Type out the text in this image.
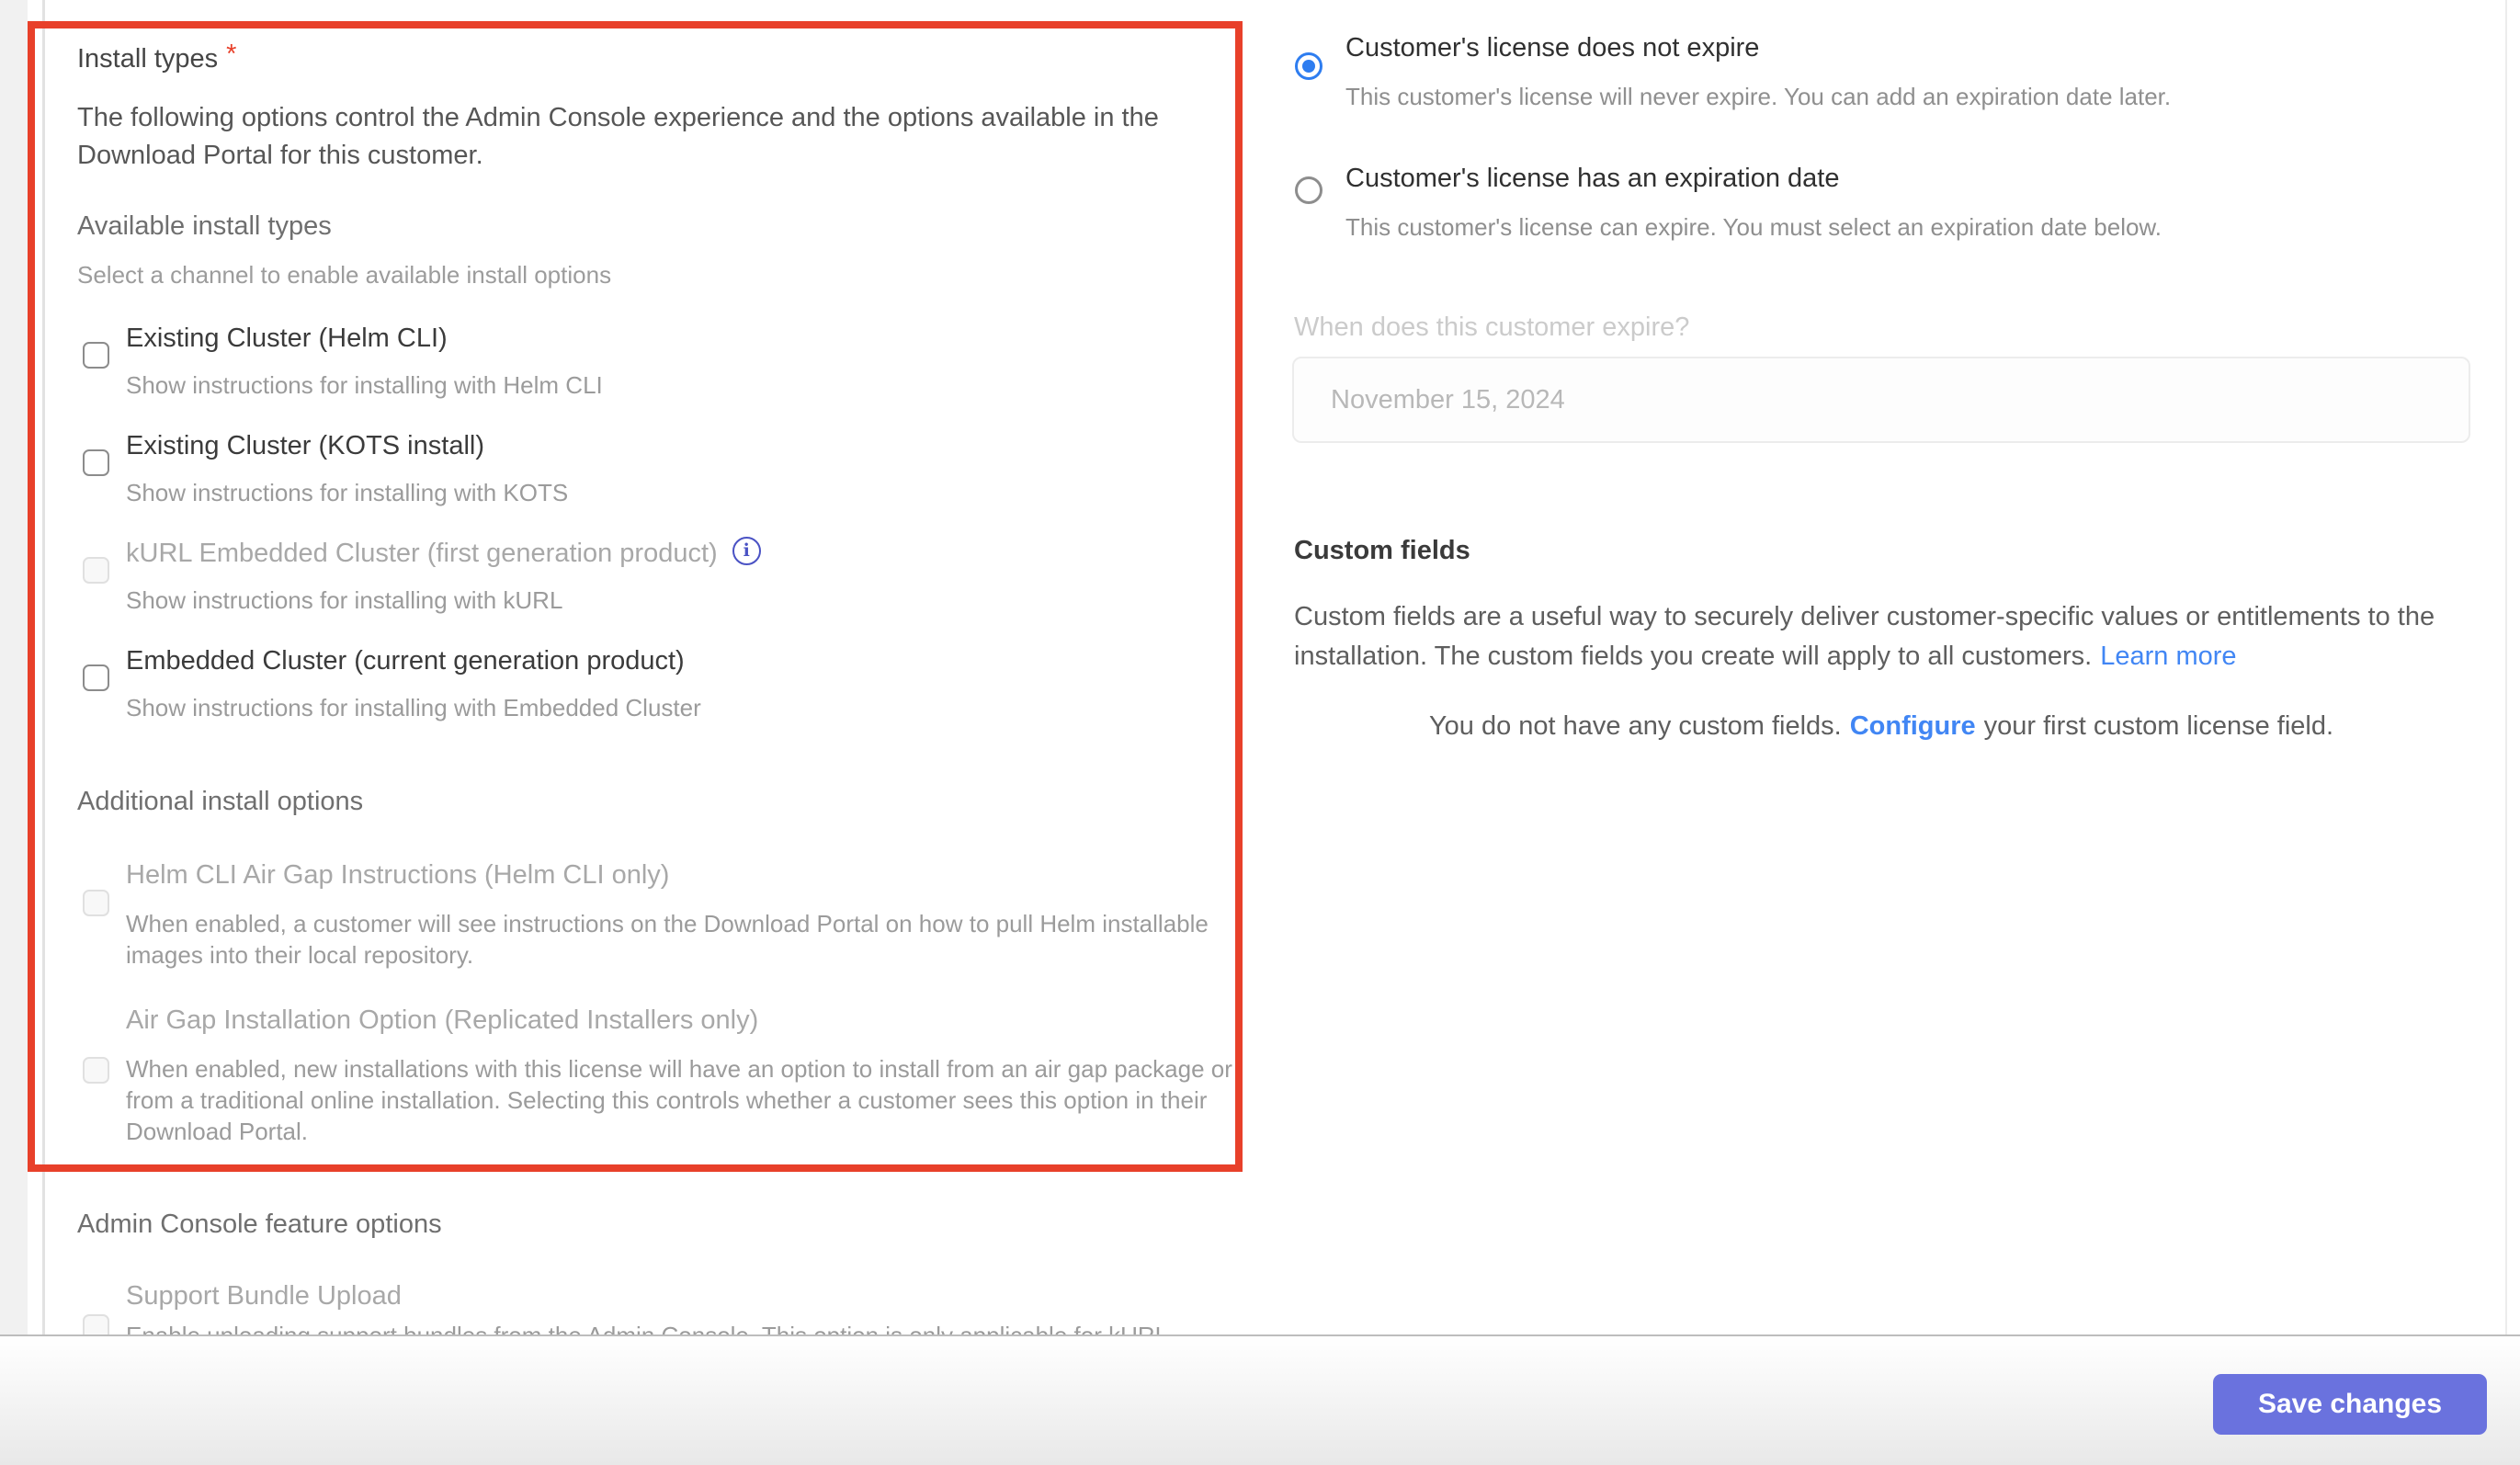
Install types *
The following options control the Admin Console experience and the options available in the Download Portal for this customer.
Available install types
Select a channel to enable available install options
Existing Cluster (Helm CLI)
Show instructions for installing with Helm CLI
Existing Cluster (KOTS install)
Show instructions for installing with KOTS
kURL Embedded Cluster (first generation product)i
Show instructions for installing with kURL
Embedded Cluster (current generation product)
Show instructions for installing with Embedded Cluster
Additional install options
Helm CLI Air Gap Instructions (Helm CLI only)
When enabled, a customer will see instructions on the Download Portal on how to pull Helm installable images into their local repository.
Air Gap Installation Option (Replicated Installers only)
When enabled, new installations with this license will have an option to install from an air gap package or from a traditional online installation. Selecting this controls whether a customer sees this option in their Download Portal.
Admin Console feature options
Support Bundle Upload
Customer's license does not expire
This customer's license will never expire. You can add an expiration date later.
Customer's license has an expiration date
This customer's license can expire. You must select an expiration date below.
When does this customer expire?
November 15, 2024
Custom fields
Custom fields are a useful way to securely deliver customer-specific values or entitlements to the installation. The custom fields you create will apply to all customers. Learn more
You do not have any custom fields. Configure your first custom license field.
Save changes
